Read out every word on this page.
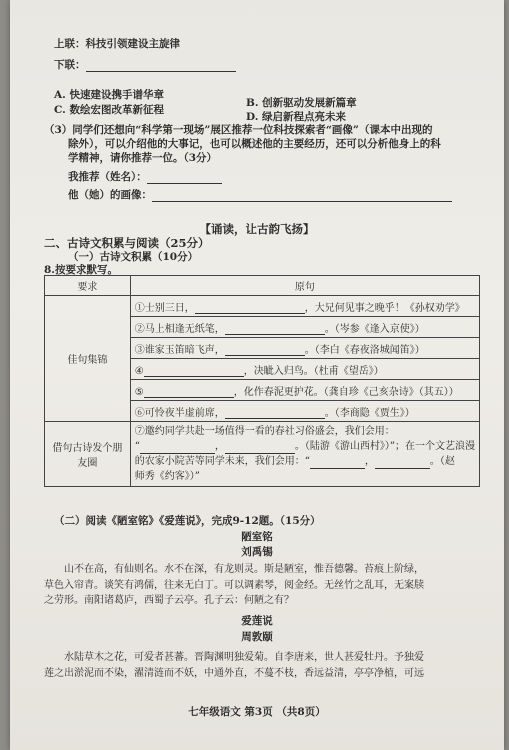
上联：科技引领建设主旋律
下联：
A. 快速建设携手谱华章
B. 创新驱动发展新篇章
C. 数绘宏图改革新征程
D. 绿启新程点亮未来
（3）同学们还想向“科学第一现场”展区推荐一位科技探索者“画像”（课本中出现的
除外），可以介绍他的大事记，也可以概述他的主要经历，还可以分析他身上的科
学精神，请你推荐一位。（3分）
我推荐（姓名）：
他（她）的画像：
【诵读，让古韵飞扬】
二、古诗文积累与阅读（25分）
（一）古诗文积累（10分）
8.按要求默写。
要求	原句
佳句集锦	①士别三日， ，大兄何见事之晚乎！《孙权劝学》
	②马上相逢无纸笔， 。（岑参《逢入京使》）
	③谁家玉笛暗飞声， 。（李白《春夜洛城闻笛》）
	④ ，决眦入归鸟。（杜甫《望岳》）
	⑤ ，化作春泥更护花。（龚自珍《己亥杂诗》（其五））
	⑥可怜夜半虚前席， 。（李商隐《贾生》）
借句古诗发个朋友圈	⑦邀约同学共赴一场值得一看的春社习俗盛会，我们会用：
“ ， 。（陆游《游山西村》）”；在一个文艺浪漫
的农家小院苦等同学未来，我们会用：“ ， 。（赵
师秀《约客》）”
（二）阅读《陋室铭》《爱莲说》，完成9-12题。（15分）
陋室铭
刘禹锡
山不在高，有仙则名。水不在深，有龙则灵。斯是陋室，惟吾德馨。苔痕上阶绿，
草色入帘青。谈笑有鸿儒，往来无白丁。可以调素琴，阅金经。无丝竹之乱耳，无案牍
之劳形。南阳诸葛庐，西蜀子云亭。孔子云：何陋之有？
爱莲说
周敦颐
水陆草木之花，可爱者甚蕃。晋陶渊明独爱菊。自李唐来，世人甚爱牡丹。予独爱
莲之出淤泥而不染，濯清涟而不妖，中通外直，不蔓不枝，香远益清，亭亭净植，可远
七年级语文 第3页 （共8页）
